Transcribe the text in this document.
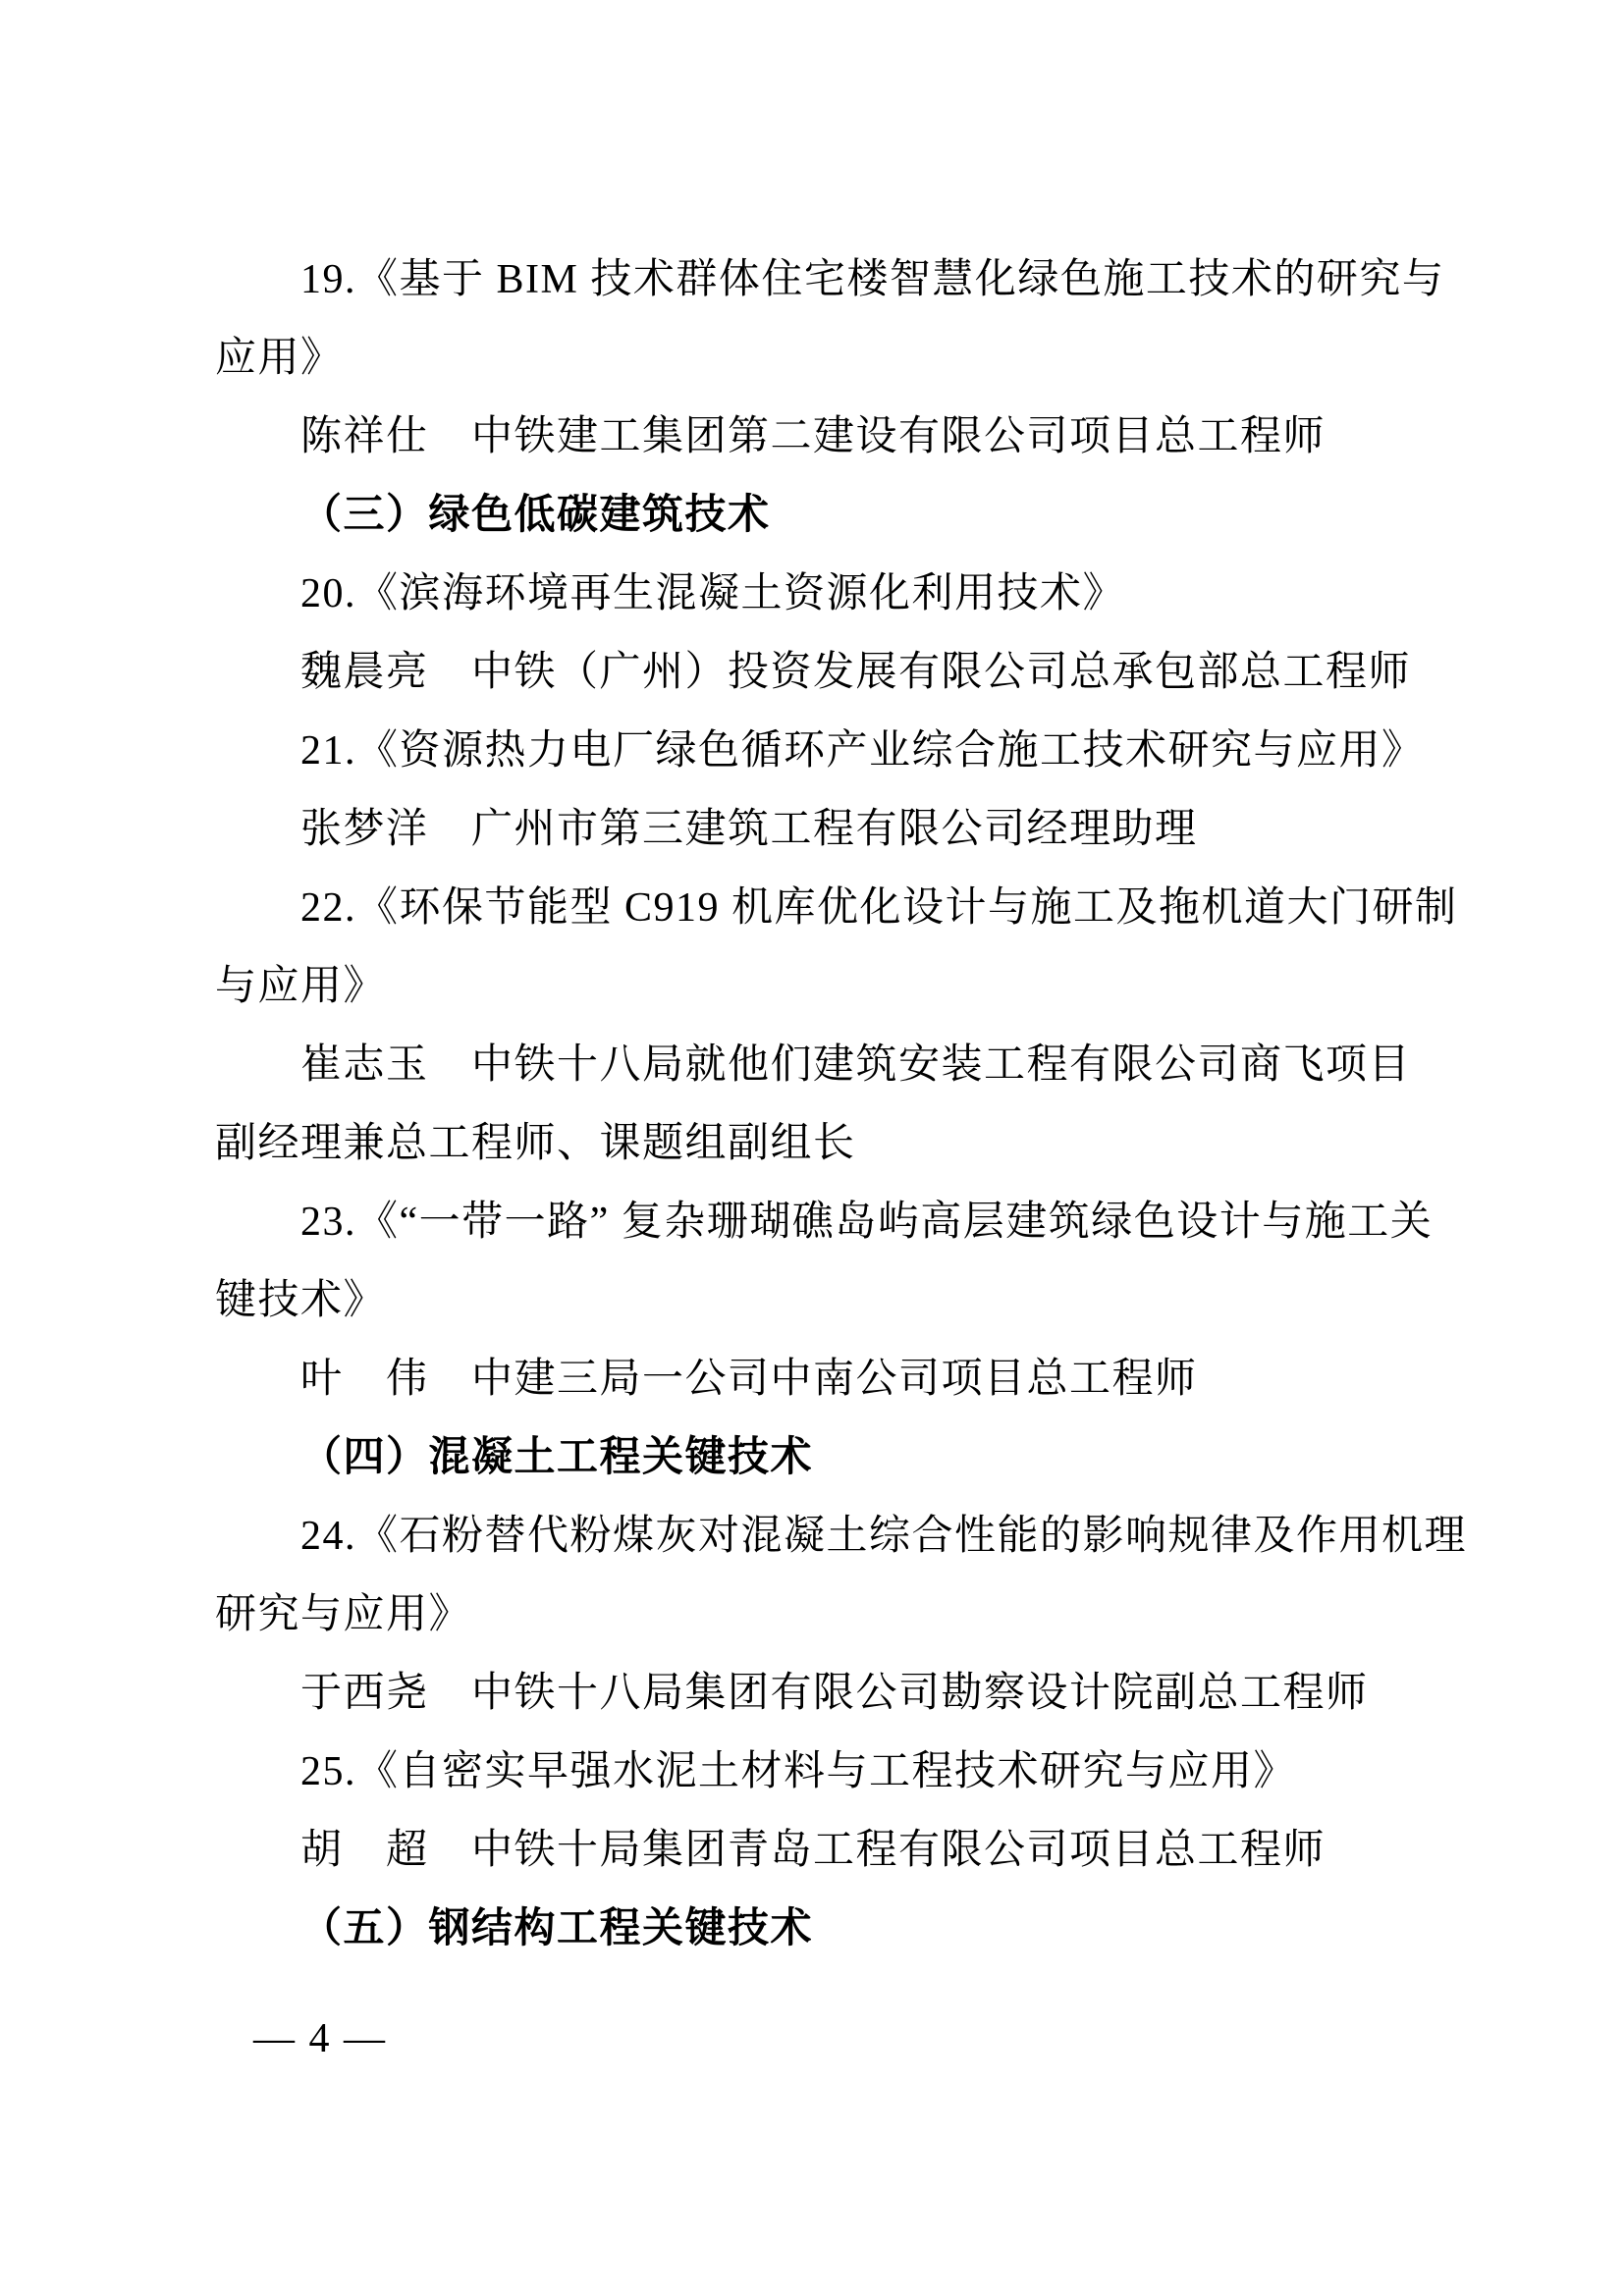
19.《基于 BIM 技术群体住宅楼智慧化绿色施工技术的研究与
应用》
陈祥仕　中铁建工集团第二建设有限公司项目总工程师
（三）绿色低碳建筑技术
20.《滨海环境再生混凝土资源化利用技术》
魏晨亮　中铁（广州）投资发展有限公司总承包部总工程师
21.《资源热力电厂绿色循环产业综合施工技术研究与应用》
张梦洋　广州市第三建筑工程有限公司经理助理
22.《环保节能型 C919 机库优化设计与施工及拖机道大门研制
与应用》
崔志玉　中铁十八局就他们建筑安装工程有限公司商飞项目
副经理兼总工程师、课题组副组长
23.《“一带一路” 复杂珊瑚礁岛屿高层建筑绿色设计与施工关
键技术》
叶　伟　中建三局一公司中南公司项目总工程师
（四）混凝土工程关键技术
24.《石粉替代粉煤灰对混凝土综合性能的影响规律及作用机理
研究与应用》
于西尧　中铁十八局集团有限公司勘察设计院副总工程师
25.《自密实早强水泥土材料与工程技术研究与应用》
胡　超　中铁十局集团青岛工程有限公司项目总工程师
（五）钢结构工程关键技术
— 4 —
